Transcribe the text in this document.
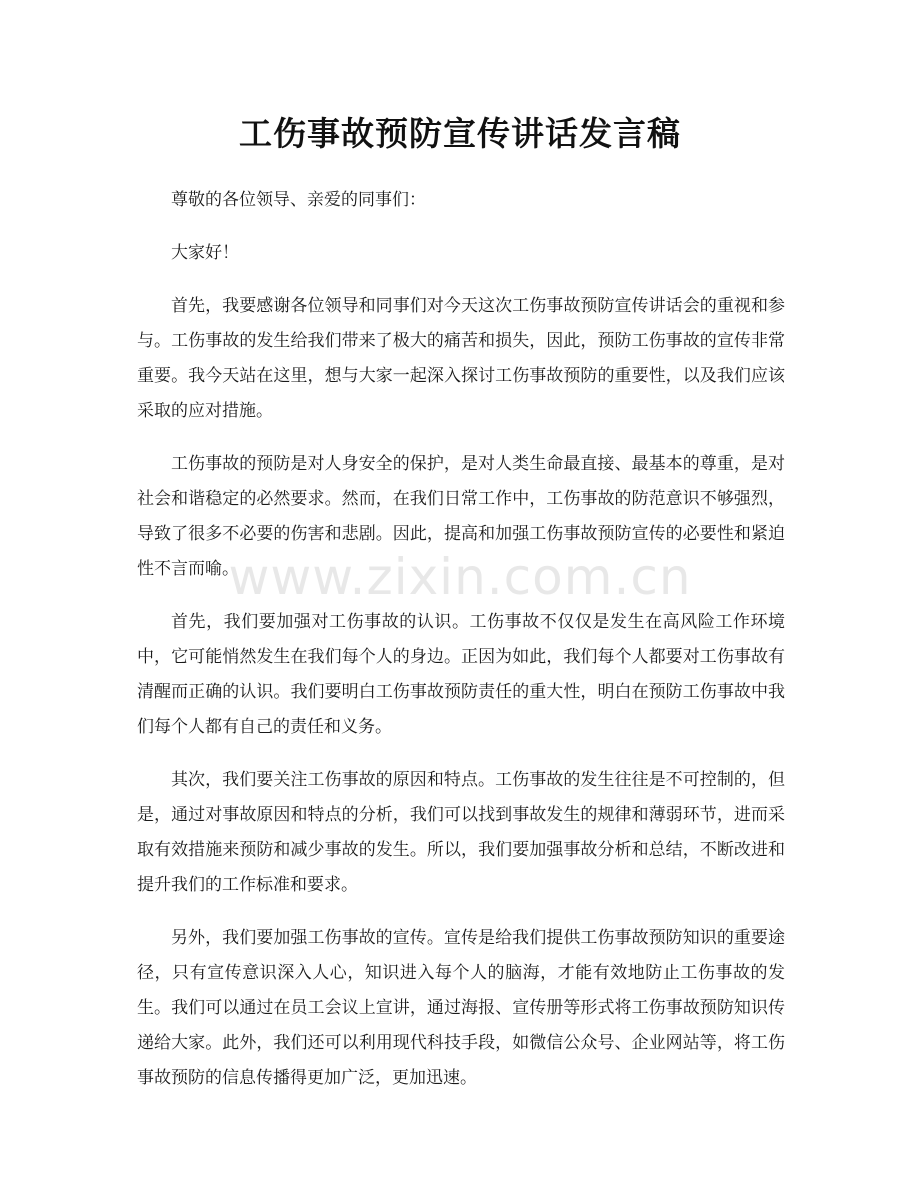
工伤事故预防宣传讲话发言稿

尊敬的各位领导、亲爱的同事们：

大家好！

首先，我要感谢各位领导和同事们对今天这次工伤事故预防宣传讲话会的重视和参与。工伤事故的发生给我们带来了极大的痛苦和损失，因此，预防工伤事故的宣传非常重要。我今天站在这里，想与大家一起深入探讨工伤事故预防的重要性，以及我们应该采取的应对措施。

工伤事故的预防是对人身安全的保护，是对人类生命最直接、最基本的尊重，是对社会和谐稳定的必然要求。然而，在我们日常工作中，工伤事故的防范意识不够强烈，导致了很多不必要的伤害和悲剧。因此，提高和加强工伤事故预防宣传的必要性和紧迫性不言而喻。

首先，我们要加强对工伤事故的认识。工伤事故不仅仅是发生在高风险工作环境中，它可能悄然发生在我们每个人的身边。正因为如此，我们每个人都要对工伤事故有清醒而正确的认识。我们要明白工伤事故预防责任的重大性，明白在预防工伤事故中我们每个人都有自己的责任和义务。

其次，我们要关注工伤事故的原因和特点。工伤事故的发生往往是不可控制的，但是，通过对事故原因和特点的分析，我们可以找到事故发生的规律和薄弱环节，进而采取有效措施来预防和减少事故的发生。所以，我们要加强事故分析和总结，不断改进和提升我们的工作标准和要求。

另外，我们要加强工伤事故的宣传。宣传是给我们提供工伤事故预防知识的重要途径，只有宣传意识深入人心，知识进入每个人的脑海，才能有效地防止工伤事故的发生。我们可以通过在员工会议上宣讲，通过海报、宣传册等形式将工伤事故预防知识传递给大家。此外，我们还可以利用现代科技手段，如微信公众号、企业网站等，将工伤事故预防的信息传播得更加广泛，更加迅速。

www.zixin.com.cn
